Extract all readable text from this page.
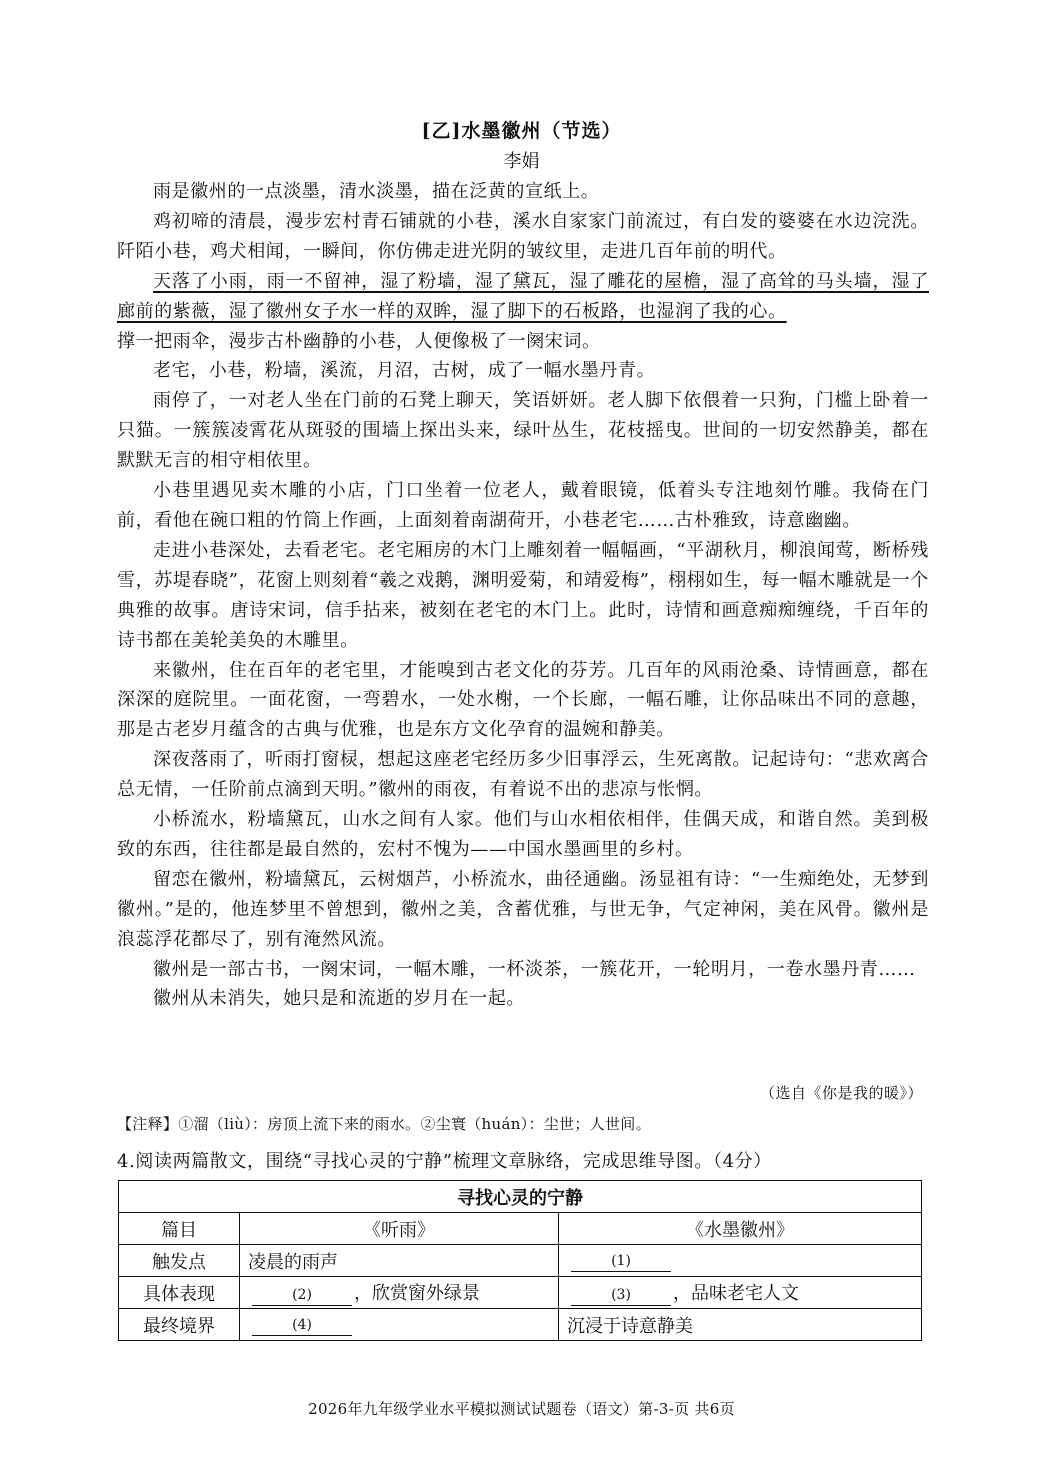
[乙]水墨徽州（节选）
李娟

雨是徽州的一点淡墨，清水淡墨，描在泛黄的宣纸上。

鸡初啼的清晨，漫步宏村青石铺就的小巷，溪水自家家门前流过，有白发的婆婆在水边浣洗。阡陌小巷，鸡犬相闻，一瞬间，你仿佛走进光阴的皱纹里，走进几百年前的明代。

天落了小雨，雨一不留神，湿了粉墙，湿了黛瓦，湿了雕花的屋檐，湿了高耸的马头墙，湿了廊前的紫薇，湿了徽州女子水一样的双眸，湿了脚下的石板路，也湿润了我的心。

撑一把雨伞，漫步古朴幽静的小巷，人便像极了一阕宋词。

老宅，小巷，粉墙，溪流，月沼，古树，成了一幅水墨丹青。

雨停了，一对老人坐在门前的石凳上聊天，笑语妍妍。老人脚下依偎着一只狗，门槛上卧着一只猫。一簇簇凌霄花从斑驳的围墙上探出头来，绿叶丛生，花枝摇曳。世间的一切安然静美，都在默默无言的相守相依里。

小巷里遇见卖木雕的小店，门口坐着一位老人，戴着眼镜，低着头专注地刻竹雕。我倚在门前，看他在碗口粗的竹筒上作画，上面刻着南湖荷开，小巷老宅……古朴雅致，诗意幽幽。

走进小巷深处，去看老宅。老宅厢房的木门上雕刻着一幅幅画，“平湖秋月，柳浪闻莺，断桥残雪，苏堤春晓”，花窗上则刻着“羲之戏鹅，渊明爱菊，和靖爱梅”，栩栩如生，每一幅木雕就是一个典雅的故事。唐诗宋词，信手拈来，被刻在老宅的木门上。此时，诗情和画意痴痴缠绕，千百年的诗书都在美轮美奂的木雕里。

来徽州，住在百年的老宅里，才能嗅到古老文化的芬芳。几百年的风雨沧桑、诗情画意，都在深深的庭院里。一面花窗，一弯碧水，一处水榭，一个长廊，一幅石雕，让你品味出不同的意趣，那是古老岁月蕴含的古典与优雅，也是东方文化孕育的温婉和静美。

深夜落雨了，听雨打窗棂，想起这座老宅经历多少旧事浮云，生死离散。记起诗句：“悲欢离合总无情，一任阶前点滴到天明。”徽州的雨夜，有着说不出的悲凉与怅惘。

小桥流水，粉墙黛瓦，山水之间有人家。他们与山水相依相伴，佳偶天成，和谐自然。美到极致的东西，往往都是最自然的，宏村不愧为——中国水墨画里的乡村。

留恋在徽州，粉墙黛瓦，云树烟芦，小桥流水，曲径通幽。汤显祖有诗：“一生痴绝处，无梦到徽州。”是的，他连梦里不曾想到，徽州之美，含蓄优雅，与世无争，气定神闲，美在风骨。徽州是浪蕊浮花都尽了，别有淹然风流。

徽州是一部古书，一阕宋词，一幅木雕，一杯淡茶，一簇花开，一轮明月，一卷水墨丹青……

徽州从未消失，她只是和流逝的岁月在一起。

（选自《你是我的暖》）
【注释】①溜（liù）：房顶上流下来的雨水。②尘寰（huán）：尘世；人世间。
4.阅读两篇散文，围绕“寻找心灵的宁静”梳理文章脉络，完成思维导图。（4分）
寻找心灵的宁静		
篇目	《听雨》	《水墨徽州》
触发点	凌晨的雨声	(1)
具体表现	(2) ，欣赏窗外绿景	(3) ，品味老宅人文
最终境界	(4)	沉浸于诗意静美
2026年九年级学业水平模拟测试试题卷（语文）第-3-页 共6页
